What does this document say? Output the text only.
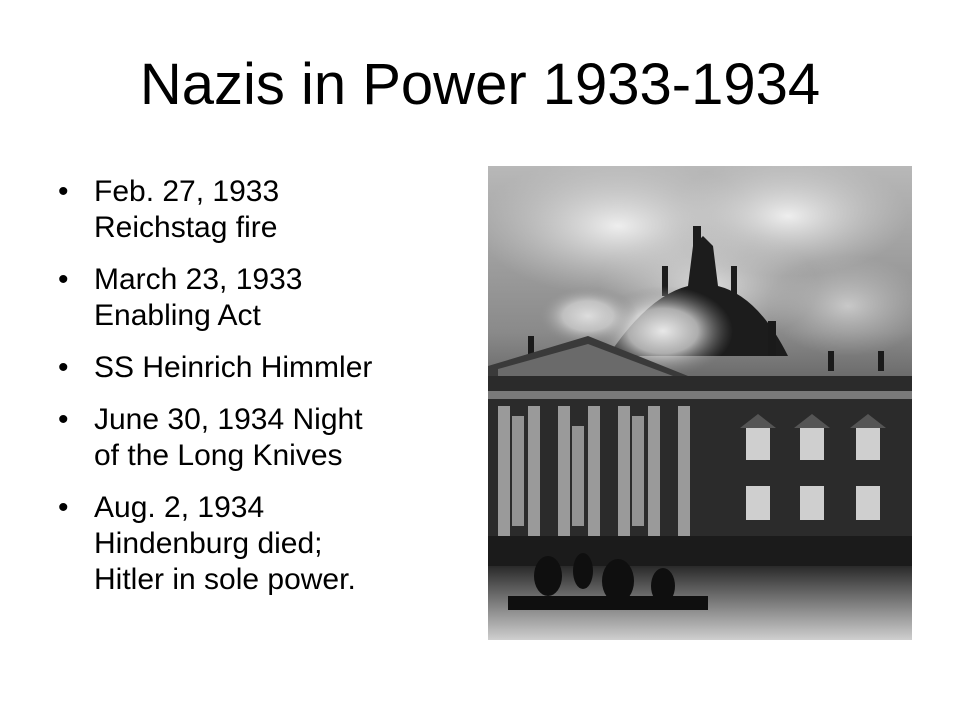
Nazis in Power 1933-1934
• Feb. 27, 1933
Reichstag fire
• March 23, 1933
Enabling Act
• SS Heinrich Himmler
• June 30, 1934 Night
of the Long Knives
• Aug. 2, 1934
Hindenburg died;
Hitler in sole power.
